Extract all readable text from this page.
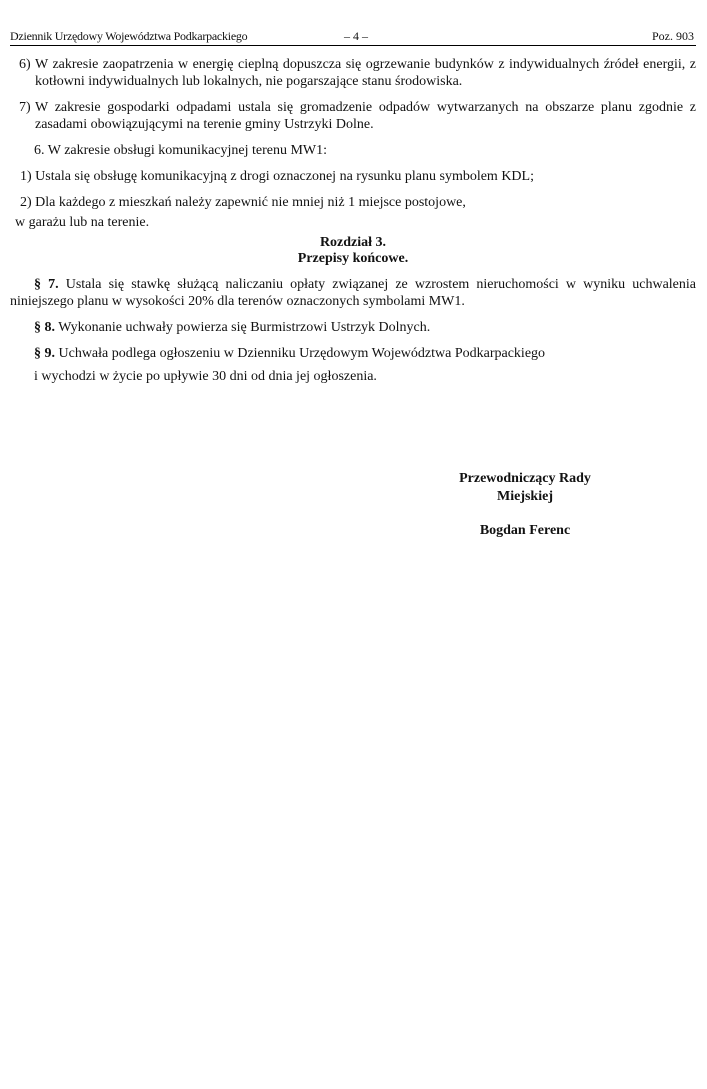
Dziennik Urzędowy Województwa Podkarpackiego	– 4 –	Poz. 903
6) W zakresie zaopatrzenia w energię cieplną dopuszcza się ogrzewanie budynków z indywidualnych źródeł energii, z kotłowni indywidualnych lub lokalnych, nie pogarszające stanu środowiska.
7) W zakresie gospodarki odpadami ustala się gromadzenie odpadów wytwarzanych na obszarze planu zgodnie z zasadami obowiązującymi na terenie gminy Ustrzyki Dolne.

6. W zakresie obsługi komunikacyjnej terenu MW1:

1) Ustala się obsługę komunikacyjną z drogi oznaczonej na rysunku planu symbolem KDL;

2) Dla każdego z mieszkań należy zapewnić nie mniej niż 1 miejsce postojowe,

w garażu lub na terenie.

Rozdział 3.

Przepisy końcowe.

§ 7. Ustala się stawkę służącą naliczaniu opłaty związanej ze wzrostem nieruchomości w wyniku uchwalenia niniejszego planu w wysokości 20% dla terenów oznaczonych symbolami MW1.

§ 8. Wykonanie uchwały powierza się Burmistrzowi Ustrzyk Dolnych.

§ 9. Uchwała podlega ogłoszeniu w Dzienniku Urzędowym Województwa Podkarpackiego

i wychodzi w życie po upływie 30 dni od dnia jej ogłoszenia.

Przewodniczący Rady
Miejskiej
Bogdan Ferenc
